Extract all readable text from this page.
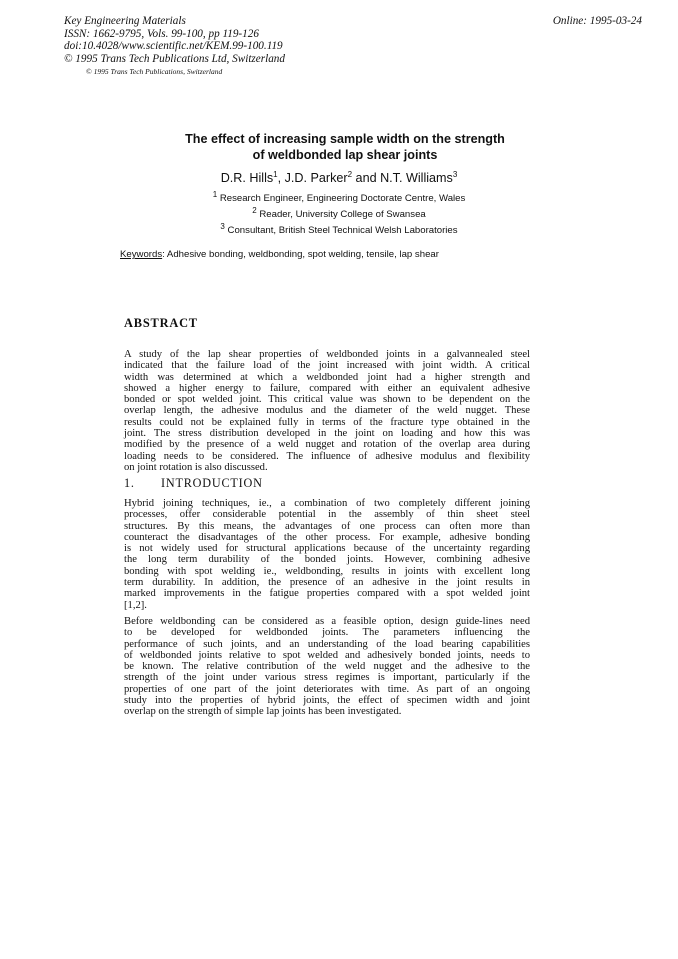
Key Engineering Materials
ISSN: 1662-9795, Vols. 99-100, pp 119-126
doi:10.4028/www.scientific.net/KEM.99-100.119
© 1995 Trans Tech Publications Ltd, Switzerland
© 1995 Trans Tech Publications, Switzerland
Online: 1995-03-24
The effect of increasing sample width on the strength
of weldbonded lap shear joints
D.R. Hills$^1$, J.D. Parker$^2$ and N.T. Williams$^3$
$^1$ Research Engineer, Engineering Doctorate Centre, Wales
$^2$ Reader, University College of Swansea
$^3$ Consultant, British Steel Technical Welsh Laboratories
Keywords: Adhesive bonding, weldbonding, spot welding, tensile, lap shear
ABSTRACT
A study of the lap shear properties of weldbonded joints in a galvannealed steel
indicated that the failure load of the joint increased with joint width. A critical
width was determined at which a weldbonded joint had a higher strength and
showed a higher energy to failure, compared with either an equivalent adhesive
bonded or spot welded joint. This critical value was shown to be dependent on the
overlap length, the adhesive modulus and the diameter of the weld nugget. These
results could not be explained fully in terms of the fracture type obtained in the
joint. The stress distribution developed in the joint on loading and how this was
modified by the presence of a weld nugget and rotation of the overlap area during
loading needs to be considered. The influence of adhesive modulus and flexibility
on joint rotation is also discussed.
1. INTRODUCTION
Hybrid joining techniques, ie., a combination of two completely different joining
processes, offer considerable potential in the assembly of thin sheet steel
structures. By this means, the advantages of one process can often more than
counteract the disadvantages of the other process. For example, adhesive bonding
is not widely used for structural applications because of the uncertainty regarding
the long term durability of the bonded joints. However, combining adhesive
bonding with spot welding ie., weldbonding, results in joints with excellent long
term durability. In addition, the presence of an adhesive in the joint results in
marked improvements in the fatigue properties compared with a spot welded joint
[1,2].
Before weldbonding can be considered as a feasible option, design guide-lines need
to be developed for weldbonded joints. The parameters influencing the
performance of such joints, and an understanding of the load bearing capabilities
of weldbonded joints relative to spot welded and adhesively bonded joints, needs to
be known. The relative contribution of the weld nugget and the adhesive to the
strength of the joint under various stress regimes is important, particularly if the
properties of one part of the joint deteriorates with time. As part of an ongoing
study into the properties of hybrid joints, the effect of specimen width and joint
overlap on the strength of simple lap joints has been investigated.
